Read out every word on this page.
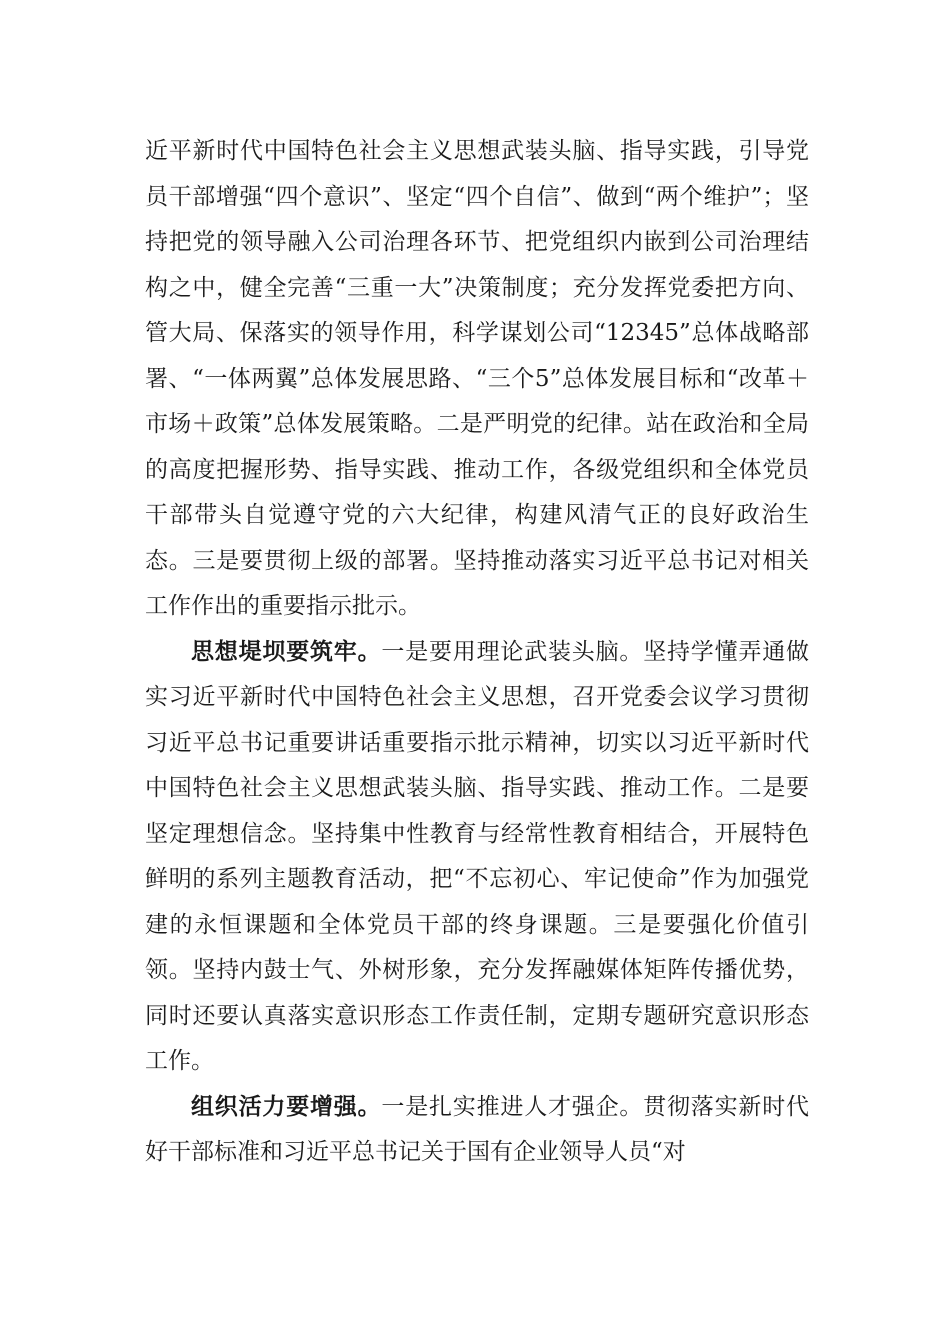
近平新时代中国特色社会主义思想武装头脑、指导实践，引导党员干部增强“四个意识”、坚定“四个自信”、做到“两个维护”；坚持把党的领导融入公司治理各环节、把党组织内嵌到公司治理结构之中，健全完善“三重一大”决策制度；充分发挥党委把方向、管大局、保落实的领导作用，科学谋划公司“12345”总体战略部署、“一体两翼”总体发展思路、“三个5”总体发展目标和“改革＋市场＋政策”总体发展策略。二是严明党的纪律。站在政治和全局的高度把握形势、指导实践、推动工作，各级党组织和全体党员干部带头自觉遵守党的六大纪律，构建风清气正的良好政治生态。三是要贯彻上级的部署。坚持推动落实习近平总书记对相关工作作出的重要指示批示。

思想堤坝要筑牢。一是要用理论武装头脑。坚持学懂弄通做实习近平新时代中国特色社会主义思想，召开党委会议学习贯彻习近平总书记重要讲话重要指示批示精神，切实以习近平新时代中国特色社会主义思想武装头脑、指导实践、推动工作。二是要坚定理想信念。坚持集中性教育与经常性教育相结合，开展特色鲜明的系列主题教育活动，把“不忘初心、牢记使命”作为加强党建的永恒课题和全体党员干部的终身课题。三是要强化价值引领。坚持内鼓士气、外树形象，充分发挥融媒体矩阵传播优势，同时还要认真落实意识形态工作责任制，定期专题研究意识形态工作。

组织活力要增强。一是扎实推进人才强企。贯彻落实新时代好干部标准和习近平总书记关于国有企业领导人员“对
